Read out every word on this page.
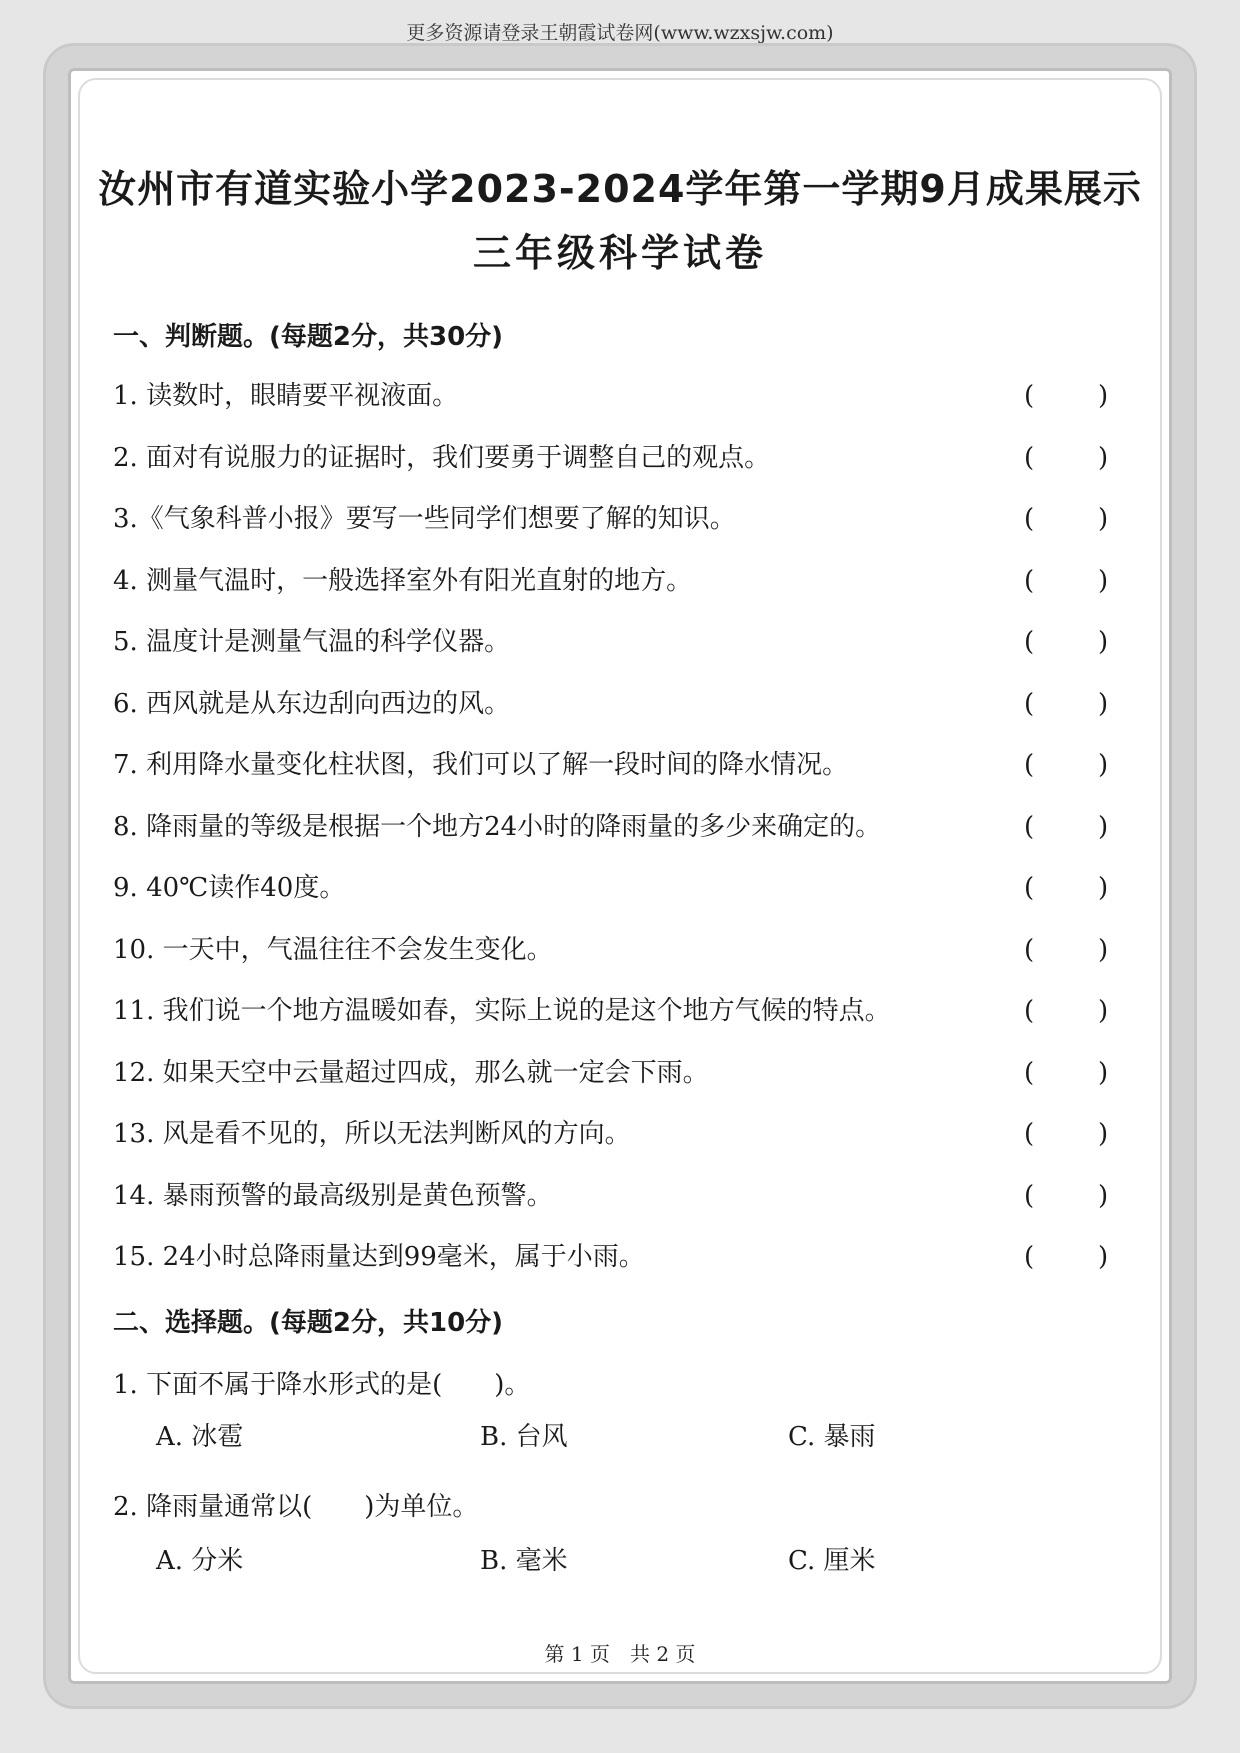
更多资源请登录王朝霞试卷网(www.wzxsjw.com)
汝州市有道实验小学2023-2024学年第一学期9月成果展示
三年级科学试卷
一、判断题。(每题2分，共30分)
1. 读数时，眼睛要平视液面。	( )
2. 面对有说服力的证据时，我们要勇于调整自己的观点。	( )
3.《气象科普小报》要写一些同学们想要了解的知识。	( )
4. 测量气温时，一般选择室外有阳光直射的地方。	( )
5. 温度计是测量气温的科学仪器。	( )
6. 西风就是从东边刮向西边的风。	( )
7. 利用降水量变化柱状图，我们可以了解一段时间的降水情况。	( )
8. 降雨量的等级是根据一个地方24小时的降雨量的多少来确定的。	( )
9. 40℃读作40度。	( )
10. 一天中，气温往往不会发生变化。	( )
11. 我们说一个地方温暖如春，实际上说的是这个地方气候的特点。	( )
12. 如果天空中云量超过四成，那么就一定会下雨。	( )
13. 风是看不见的，所以无法判断风的方向。	( )
14. 暴雨预警的最高级别是黄色预警。	( )
15. 24小时总降雨量达到99毫米，属于小雨。	( )
二、选择题。(每题2分，共10分)
1. 下面不属于降水形式的是(　　)。
A. 冰雹	B. 台风	C. 暴雨
2. 降雨量通常以(　　)为单位。
A. 分米	B. 毫米	C. 厘米
第 1 页　共 2 页
